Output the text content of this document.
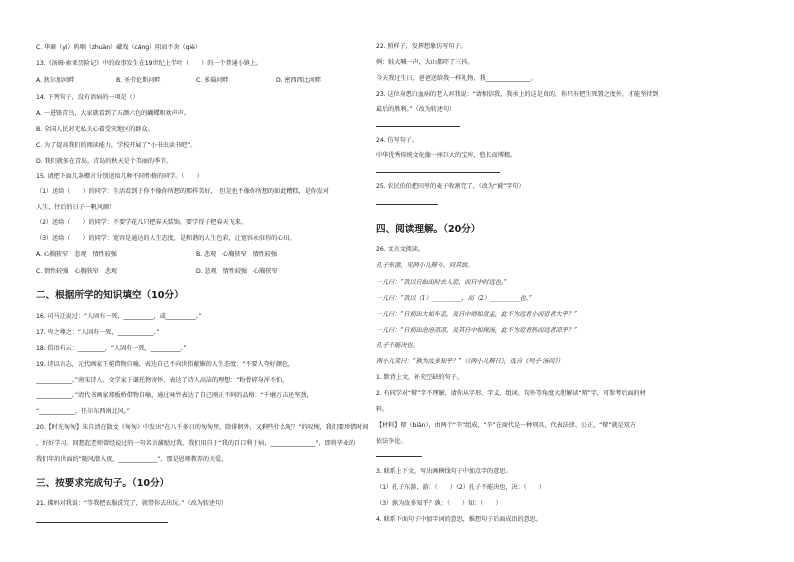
C. 华裔（yì）呜咽（zhuàn）藏戏（cáng）阻而不舍（qiè）
13.《汤姆·索亚历险记》中的故事发生在19世纪上半叶（　　）的一个普通小镇上。
A. 狄尔加河畔	B. 圣劳伦斯河畔	C. 多瑙河畔	D. 密西西比河畔
14. 下列句子，没有语病的一项是（）
A. 一进锋青鸟，大家就看到了五颜六色的蝴蝶和欢声声。
B. 全国人民对无私关心着受灾地区的群众。
C. 为了提高我们的阅读能力，学校开展了“小书虫读书吧”。
D. 我们就多在青岛，青岛的秋天是个美丽的季节。
15. 请把下面几条赠言分别送给几种不同性格的同学。（　　）
（1）送给（　　）的同学：生活看到于你不像你所想的那样美好，　但是也不像你所想的如此糟糕，是你发对
人生，往后的日子一帆风顺！
（2）送给（　　）的同学：不要学花儿只把春天装饰，要学得子把春天飞来。
（3）送给（　　）的同学：宽容是通达的人生态度，是和谐的人生色彩，让宽容永驻你的心田。
A. 心胸狭窄　悲观　情性较强	B. 悲观　心胸狭窄　情性较强
C. 情性较强　心胸狭窄　悲观	D. 悲观　情性较强　心胸狭窄
二、根据所学的知识填空（10分）
16. 司马迁说过：“人固有一死，__________，或__________。”
17. 卑之尊之：“人固有一死，____________。”
18. 俗语有云：_________，“人固有一死，__________。”
19. 诗以言志，元代画家王冕借物自喻，表达自己不向世俗献媚的人生态度：“不要人夸好颜色，
____________。”南宋诗人、文学家于谦托物寄怀，表达了诗人高洁的理想：“粉骨碎身浑不怕，
____________。”清代书画家郑板桥借物自喻，通过咏竹表达了自己刚正不阿的品格：“千磨万击还坚劲，
“____________，任尔东西南北风。”
20.【时光匆匆】朱自清在散文《匆匆》中发出“在八千多日的匆匆里，除徘徊外，又剩些什么呢？”的叹惋，我们要珍惜时间
，好好学习。回想起老师曾经说过的一句名言激励过我，我们用自于“我的百口利于病，_______________”，即将毕业的
我们年的世面的“随风潜入夜，_____________”，那是恩师教养的关爱。
三、按要求完成句子。（10分）
21. 佛妈对我说：“等我把衣服洗完了，就带你去出玩。”（改为转述句）
22. 照样子，发挥想象仿写句子。
例：蛙大喊一声，大山都吓了三抖。
今天我过生日，爸爸送给我一样礼物，我_______________。
23. 这位身患白血病的老人对我说：“请相信我，我承上的这是真的，你只有把生死置之度外，才能坚持到
最后的胜利。”（改为转述句）
24. 仿写句子。
中华优秀传统文化像一座巨大的宝库，悠长而博精。
25. 农民伯伯把田里的麦子收割完了。（改为“被”字句）
四、阅读理解。（20分）
26. 文言文阅读。
孔子东游，见两小儿辩斗，问其故。
一儿曰：“我以日始出时去人近，而日中时远也。”
一儿曰：“我以（1）__________，而（2）__________也。”
一儿曰：“日初出大如车盖，及日中则如盘盂，此不为远者小而近者大乎？”
一儿曰：“日初出沧沧凉凉，及其日中如探汤，此不为近者热而远者凉乎？”
孔子不能决也。
两小儿笑曰：“孰为汝多知乎？”（《两小儿辩日》，选自《列子·汤问》）
1. 默背上文，补充空缺的句子。
2. 有同学对“辩”字不理解，请你从字形、字义、组词、句外等角度大胆解读“辩”字，可参考后面的材
料。
【材料】辩（biàn），由两个“辛”组成，“辛”在商代是一种刑具，代表法律、公正，“辩”就是双方
依法争论。
3. 联系上下文，写出画横线句子中加点字的意思。
（1）孔子东游，游：（　　）（2）孔子不能决也，决：（　　）
（3）孰为汝多知乎？孰：（　　）知：（　　）
4. 联系下面句子中加字词的意思，推想句子后面成语的意思。
